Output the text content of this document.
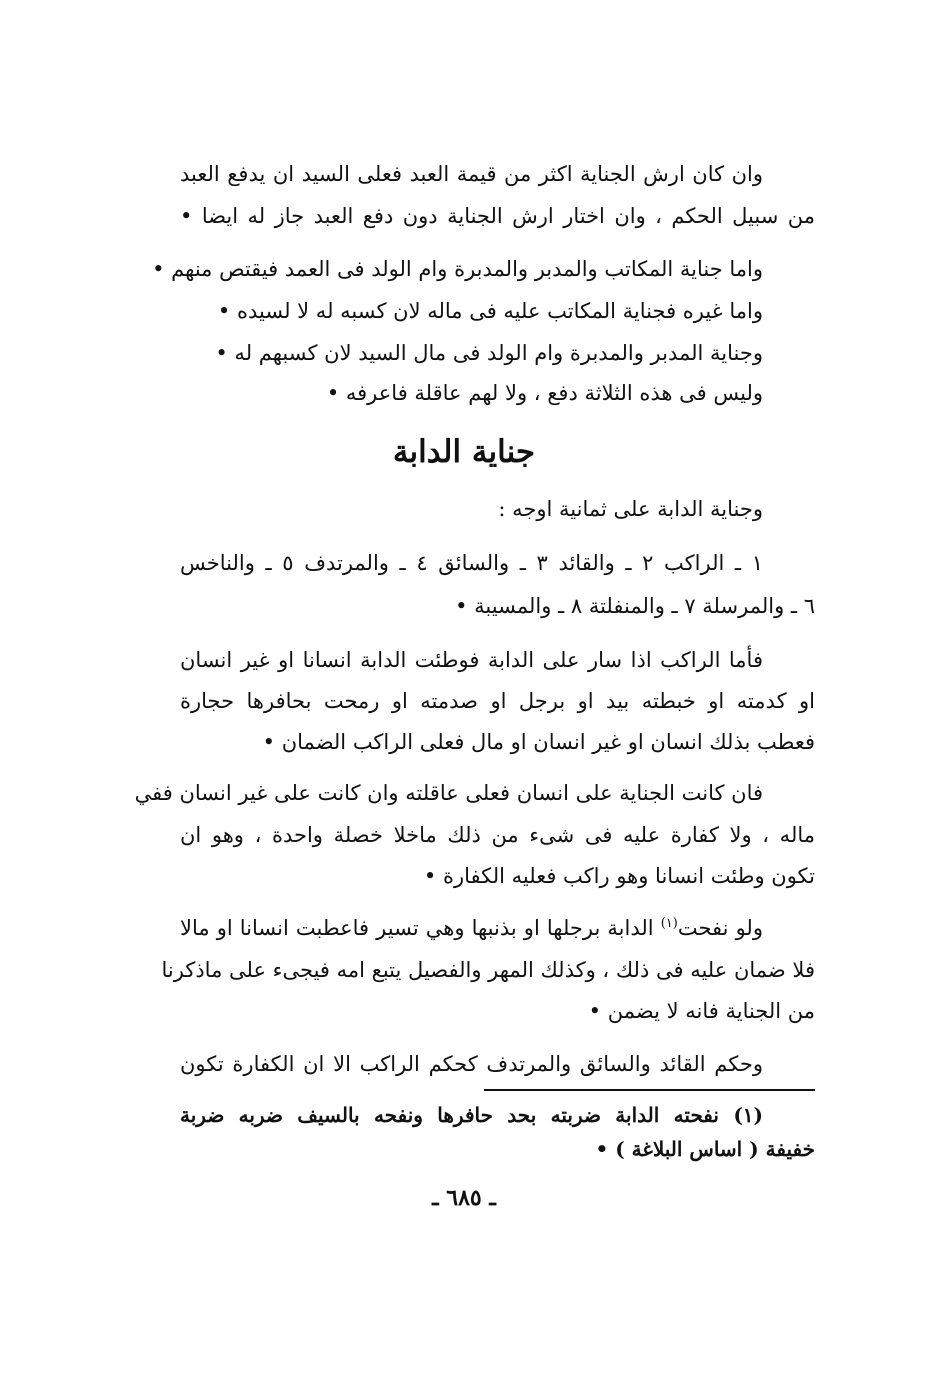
وان كان ارش الجناية اكثر من قيمة العبد فعلى السيد ان يدفع العبد
من سبيل الحكم ، وان اختار ارش الجناية دون دفع العبد جاز له ايضا •
واما جناية المكاتب والمدبر والمدبرة وام الولد فى العمد فيقتص منهم •
واما غيره فجناية المكاتب عليه فى ماله لان كسبه له لا لسيده •
وجناية المدبر والمدبرة وام الولد فى مال السيد لان كسبهم له •
وليس فى هذه الثلاثة دفع ، ولا لهم عاقلة فاعرفه •
جناية الدابة
وجناية الدابة على ثمانية اوجه :
١ ـ الراكب ٢ ـ والقائد ٣ ـ والسائق ٤ ـ والمرتدف ٥ ـ والناخس
٦ ـ والمرسلة ٧ ـ والمنفلتة ٨ ـ والمسيبة •
فأما الراكب اذا سار على الدابة فوطئت الدابة انسانا او غير انسان
او كدمته او خبطته بيد او برجل او صدمته او رمحت بحافرها حجارة
فعطب بذلك انسان او غير انسان او مال فعلى الراكب الضمان •
فان كانت الجناية على انسان فعلى عاقلته وان كانت على غير انسان ففي
ماله ، ولا كفارة عليه فى شىء من ذلك ماخلا خصلة واحدة ، وهو ان
تكون وطئت انسانا وهو راكب فعليه الكفارة •
ولو نفحت$^{(١)}$ الدابة برجلها او بذنبها وهي تسير فاعطبت انسانا او مالا
فلا ضمان عليه فى ذلك ، وكذلك المهر والفصيل يتبع امه فيجىء على ماذكرنا
من الجناية فانه لا يضمن •
وحكم القائد والسائق والمرتدف كحكم الراكب الا ان الكفارة تكون
(١) نفحته الدابة ضربته بحد حافرها ونفحه بالسيف ضربه ضربة
خفيفة ( اساس البلاغة ) •
ـ ٦٨٥ ـ
